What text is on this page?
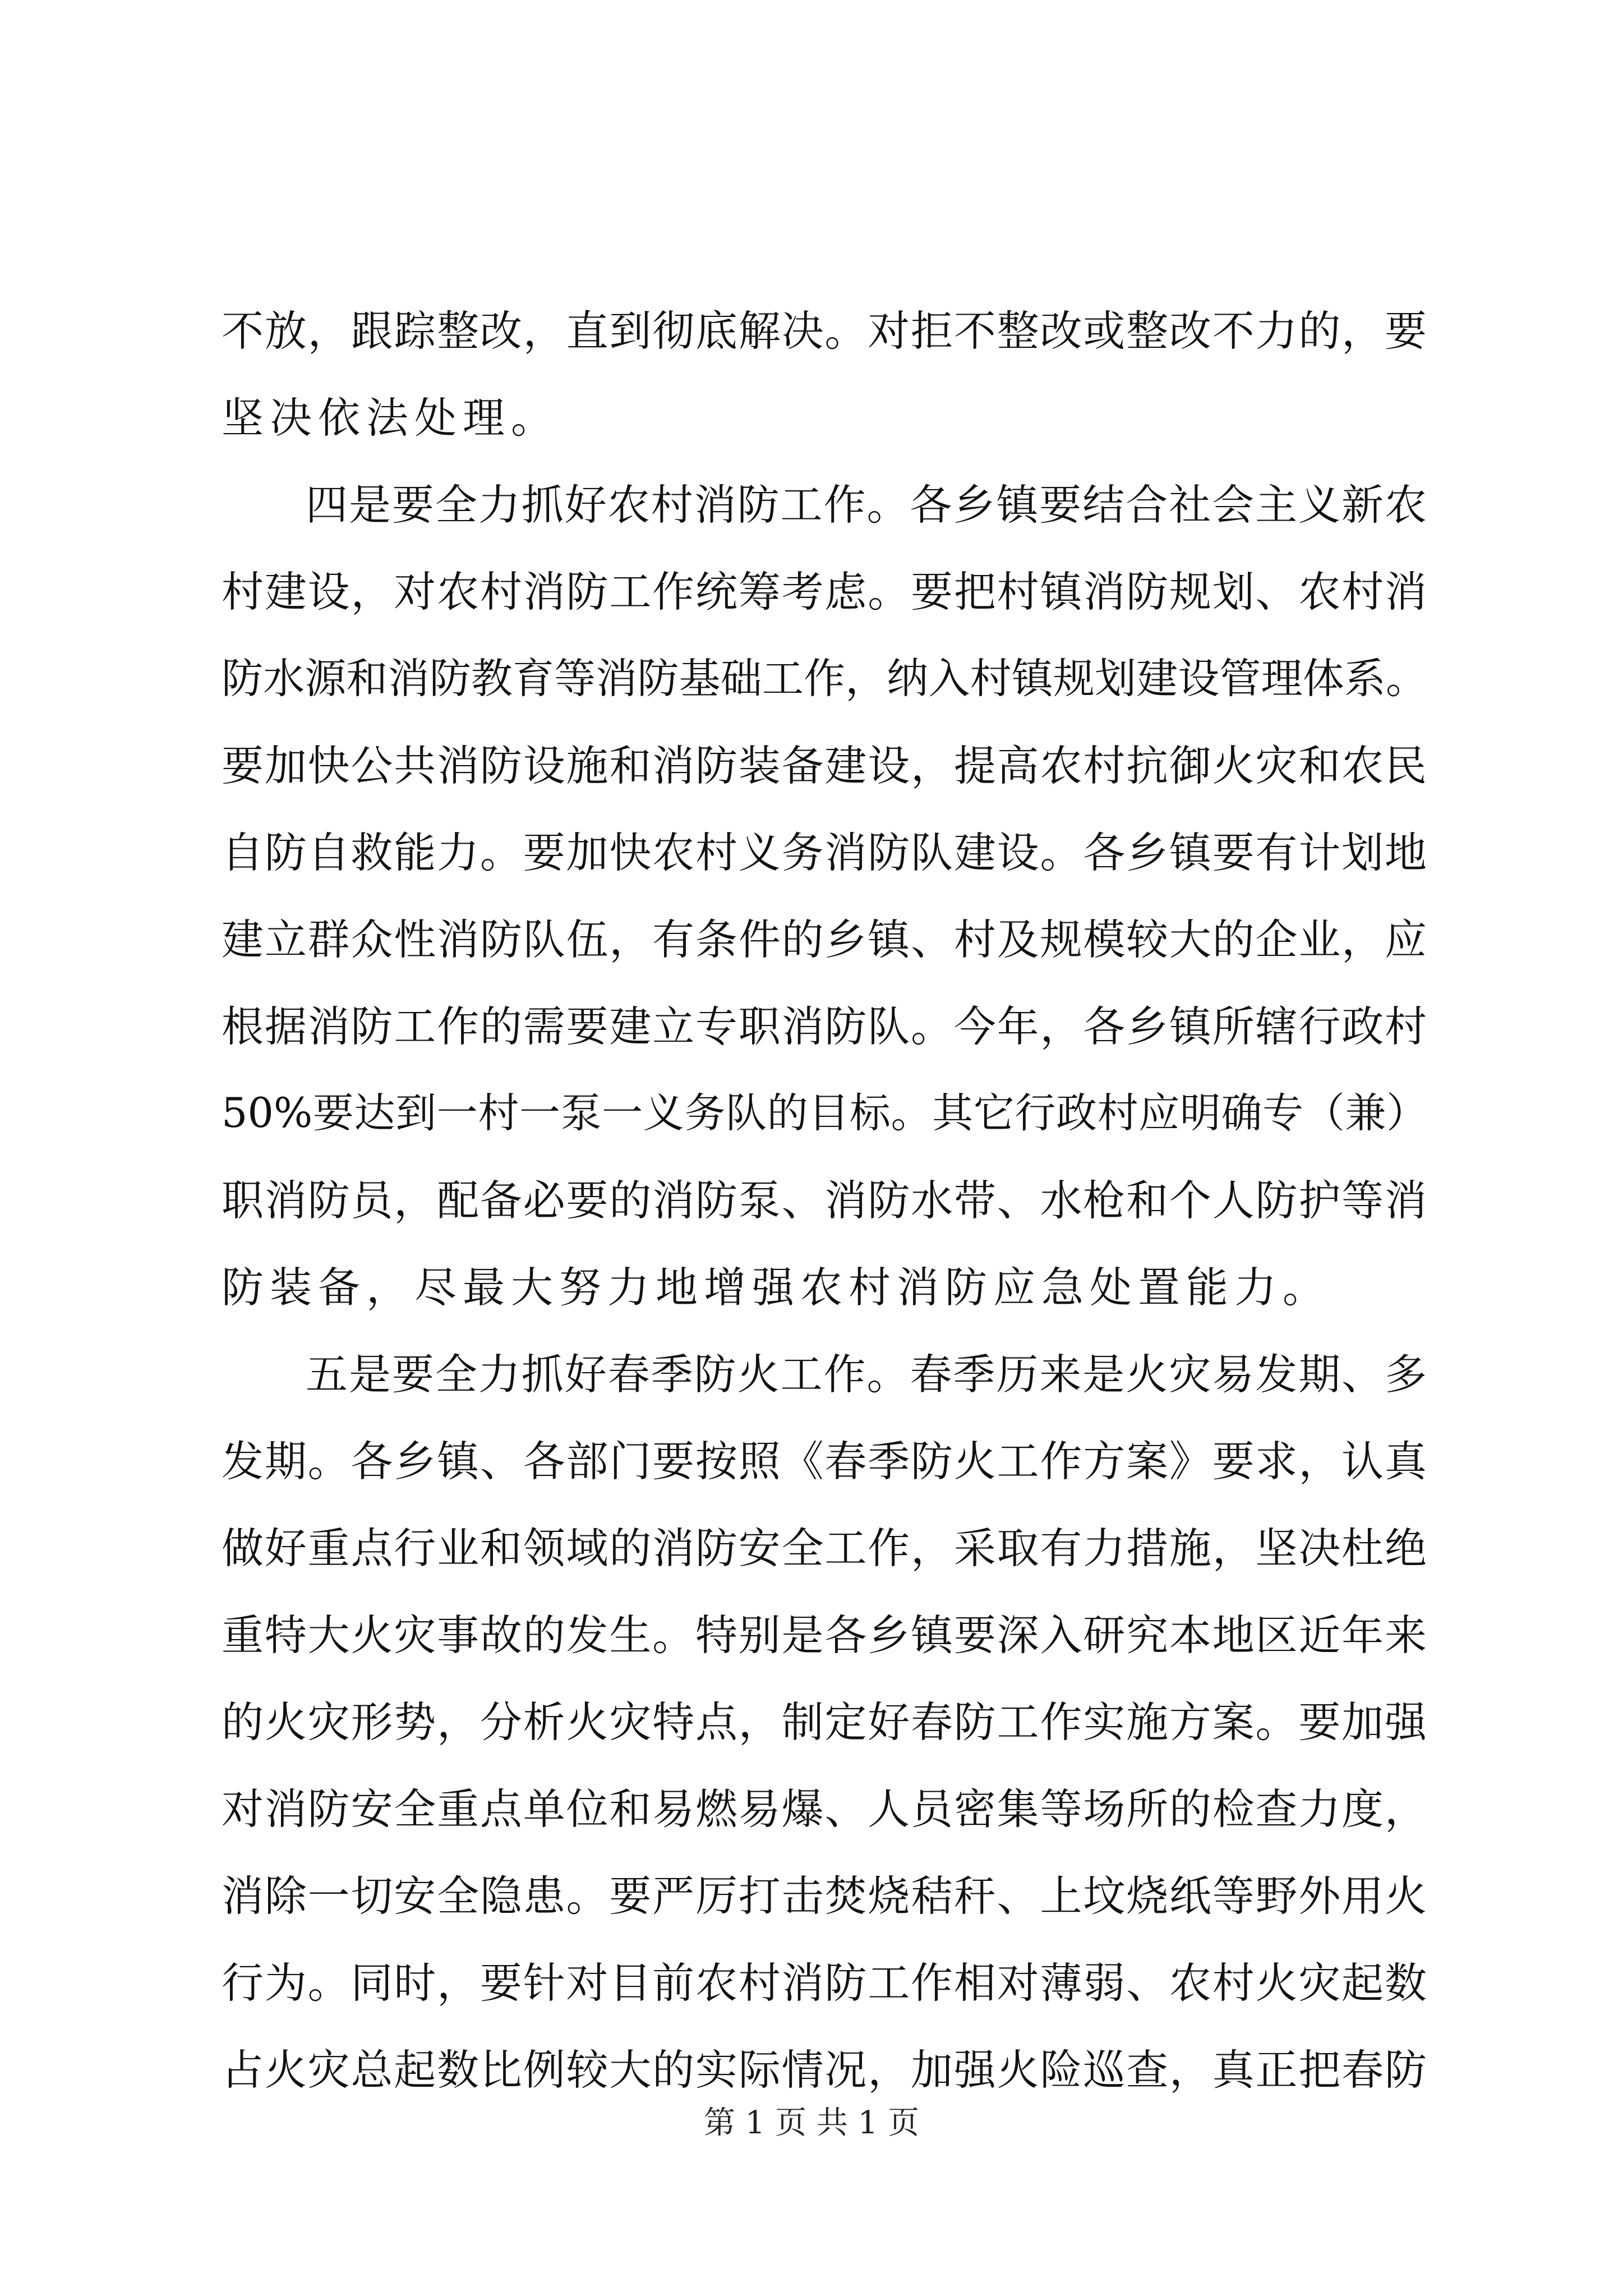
不放，跟踪整改，直到彻底解决。对拒不整改或整改不力的，要
坚决依法处理。
四是要全力抓好农村消防工作。各乡镇要结合社会主义新农
村建设，对农村消防工作统筹考虑。要把村镇消防规划、农村消
防水源和消防教育等消防基础工作，纳入村镇规划建设管理体系。
要加快公共消防设施和消防装备建设，提高农村抗御火灾和农民
自防自救能力。要加快农村义务消防队建设。各乡镇要有计划地
建立群众性消防队伍，有条件的乡镇、村及规模较大的企业，应
根据消防工作的需要建立专职消防队。今年，各乡镇所辖行政村
50%要达到一村一泵一义务队的目标。其它行政村应明确专（兼）
职消防员，配备必要的消防泵、消防水带、水枪和个人防护等消
防装备，尽最大努力地增强农村消防应急处置能力。
五是要全力抓好春季防火工作。春季历来是火灾易发期、多
发期。各乡镇、各部门要按照《春季防火工作方案》要求，认真
做好重点行业和领域的消防安全工作，采取有力措施，坚决杜绝
重特大火灾事故的发生。特别是各乡镇要深入研究本地区近年来
的火灾形势，分析火灾特点，制定好春防工作实施方案。要加强
对消防安全重点单位和易燃易爆、人员密集等场所的检查力度，
消除一切安全隐患。要严厉打击焚烧秸秆、上坟烧纸等野外用火
行为。同时，要针对目前农村消防工作相对薄弱、农村火灾起数
占火灾总起数比例较大的实际情况，加强火险巡查，真正把春防
第 1 页 共 1 页
